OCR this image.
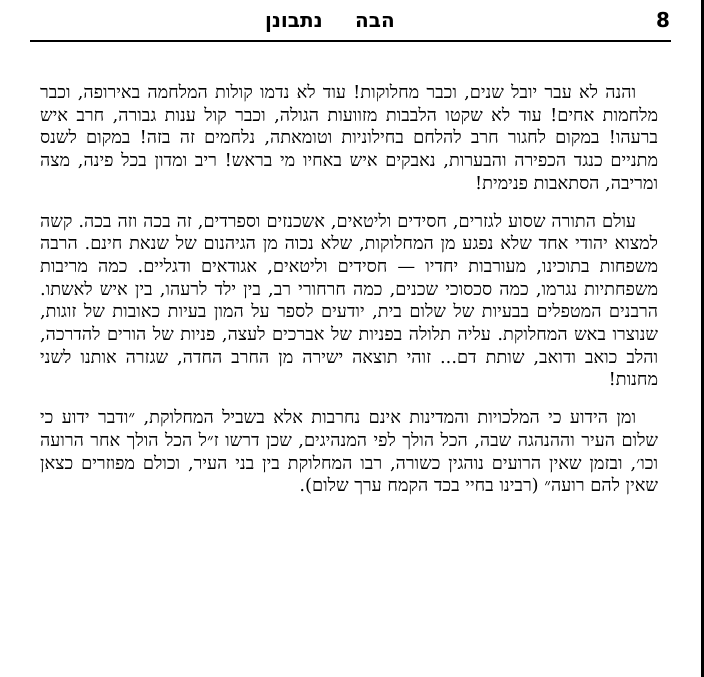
8
הבה
נתבונן

והנה לא עבר יובל שנים, וכבר מחלוקות! עוד לא נדמו קולות המלחמה באירופה, וכבר מלחמות אחים! עוד לא שקטו הלבבות מזוועות הגולה, וכבר קול ענות גבורה, חרב איש ברעהו! במקום לחגור חרב להלחם בחילוניות וטומאתה, נלחמים זה בזה! במקום לשנס מתניים כנגד הכפירה והבערות, נאבקים איש באחיו מי בראש! ריב ומדון בכל פינה, מצה ומריבה, הסתאבות פנימית!

עולם התורה שסוע לגזרים, חסידים וליטאים, אשכנזים וספרדים, זה בכה וזה בכה. קשה למצוא יהודי אחד שלא נפגע מן המחלוקות, שלא נכוה מן הגיהנום של שנאת חינם. הרבה משפחות בתוכינו, מעורבות יחדיו — חסידים וליטאים, אגודאים ודגליים. כמה מריבות משפחתיות נגרמו, כמה סכסוכי שכנים, כמה חרחורי רב, בין ילד לרעהו, בין איש לאשתו. הרבנים המטפלים בבעיות של שלום בית, יודעים לספר על המון בעיות כאובות של זוגות, שנוצרו באש המחלוקת. עליה תלולה בפניות של אברכים לעצה, פניות של הורים להדרכה, והלב כואב ודואב, שותת דם... זוהי תוצאה ישירה מן החרב החדה, שגזרה אותנו לשני מחנות!

ומן הידוע כי המלכויות והמדינות אינם נחרבות אלא בשביל המחלוקת, ״ודבר ידוע כי שלום העיר וההנהגה שבה, הכל הולך לפי המנהיגים, שכן דרשו ז״ל הכל הולך אחר הרועה וכו׳, ובזמן שאין הרועים נוהגין כשורה, רבו המחלוקת בין בני העיר, וכולם מפוזרים כצאן שאין להם רועה״ (רבינו בחיי בכד הקמח ערך שלום).
